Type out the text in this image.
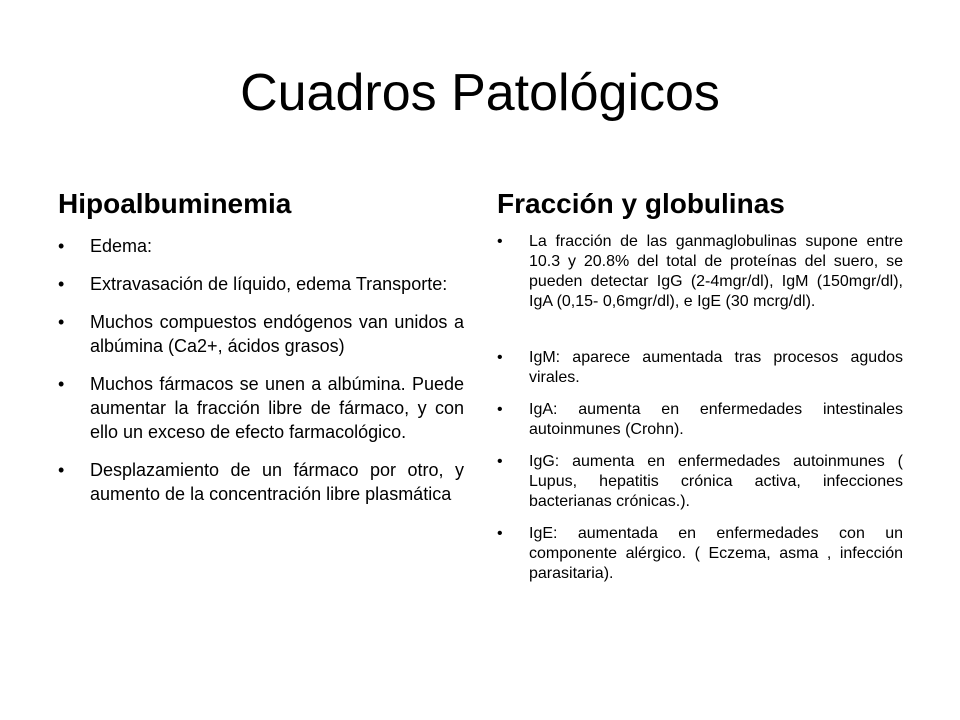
Cuadros Patológicos
Hipoalbuminemia
• Edema:
• Extravasación de líquido, edema Transporte:
• Muchos compuestos endógenos van unidos a albúmina (Ca2+, ácidos grasos)
• Muchos fármacos se unen a albúmina. Puede aumentar la fracción libre de fármaco, y con ello un exceso de efecto farmacológico.
• Desplazamiento de un fármaco por otro, y aumento de la concentración libre plasmática
Fracción y globulinas
• La fracción de las ganmaglobulinas supone entre 10.3 y 20.8% del total de proteínas del suero, se pueden detectar IgG (2-4mgr/dl), IgM (150mgr/dl), IgA (0,15- 0,6mgr/dl), e IgE (30 mcrg/dl).
• IgM: aparece aumentada tras procesos agudos virales.
• IgA: aumenta en enfermedades intestinales autoinmunes (Crohn).
• IgG: aumenta en enfermedades autoinmunes ( Lupus, hepatitis crónica activa, infecciones bacterianas crónicas.).
• IgE: aumentada en enfermedades con un componente alérgico. ( Eczema, asma , infección parasitaria).
